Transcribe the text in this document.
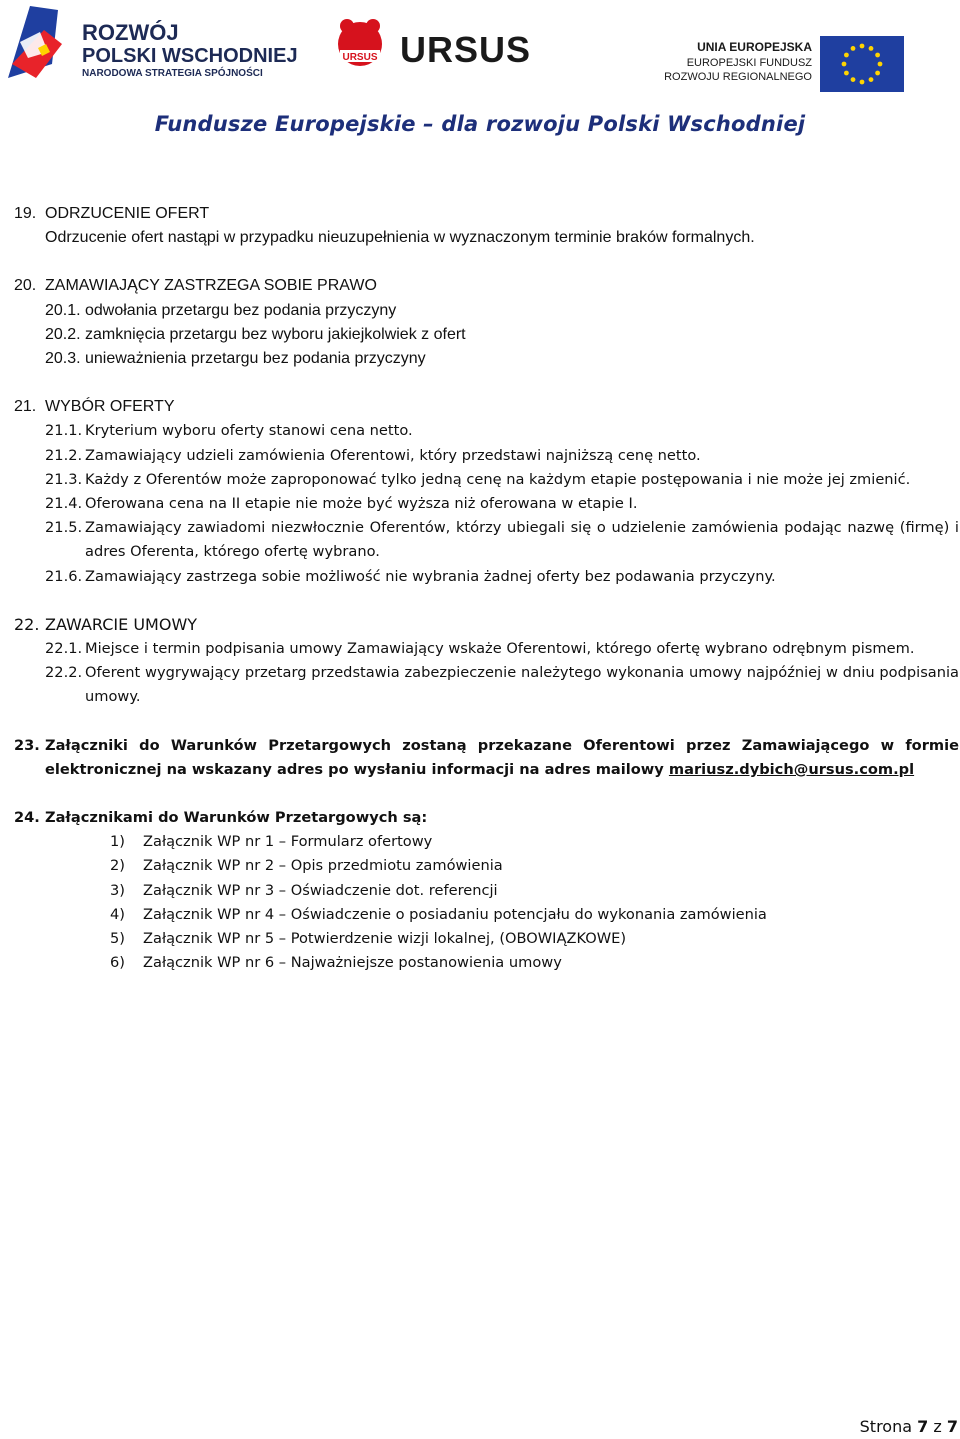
ROZWÓJ
POLSKI WSCHODNIEJ
NARODOWA STRATEGIA SPÓJNOŚCI
URSUS URSUS	UNIA EUROPEJSKA
EUROPEJSKI FUNDUSZ
ROZWOJU REGIONALNEGO
Fundusze Europejskie – dla rozwoju Polski Wschodniej
19. ODRZUCENIE OFERT
Odrzucenie ofert nastąpi w przypadku nieuzupełnienia w wyznaczonym terminie braków formalnych.
20. ZAMAWIAJĄCY ZASTRZEGA SOBIE PRAWO
20.1. odwołania przetargu bez podania przyczyny
20.2. zamknięcia przetargu bez wyboru jakiejkolwiek z ofert
20.3. unieważnienia przetargu bez podania przyczyny
21. WYBÓR OFERTY
21.1. Kryterium wyboru oferty stanowi cena netto.
21.2. Zamawiający udzieli zamówienia Oferentowi, który przedstawi najniższą cenę netto.
21.3. Każdy z Oferentów może zaproponować tylko jedną cenę na każdym etapie postępowania i nie może jej zmienić.
21.4. Oferowana cena na II etapie nie może być wyższa niż oferowana w etapie I.
21.5. Zamawiający zawiadomi niezwłocznie Oferentów, którzy ubiegali się o udzielenie zamówienia podając nazwę (firmę) i adres Oferenta, którego ofertę wybrano.
21.6. Zamawiający zastrzega sobie możliwość nie wybrania żadnej oferty bez podawania przyczyny.
22. ZAWARCIE UMOWY
22.1. Miejsce i termin podpisania umowy Zamawiający wskaże Oferentowi, którego ofertę wybrano odrębnym pismem.
22.2. Oferent wygrywający przetarg przedstawia zabezpieczenie należytego wykonania umowy najpóźniej w dniu podpisania umowy.
23. Załączniki do Warunków Przetargowych zostaną przekazane Oferentowi przez Zamawiającego w formie elektronicznej na wskazany adres po wysłaniu informacji na adres mailowy mariusz.dybich@ursus.com.pl
24. Załącznikami do Warunków Przetargowych są:
1)	Załącznik WP nr 1 – Formularz ofertowy
2)	Załącznik WP nr 2 – Opis przedmiotu zamówienia
3)	Załącznik WP nr 3 – Oświadczenie dot. referencji
4)	Załącznik WP nr 4 – Oświadczenie o posiadaniu potencjału do wykonania zamówienia
5)	Załącznik WP nr 5 – Potwierdzenie wizji lokalnej, (OBOWIĄZKOWE)
6)	Załącznik WP nr 6 – Najważniejsze postanowienia umowy
Strona 7 z 7
